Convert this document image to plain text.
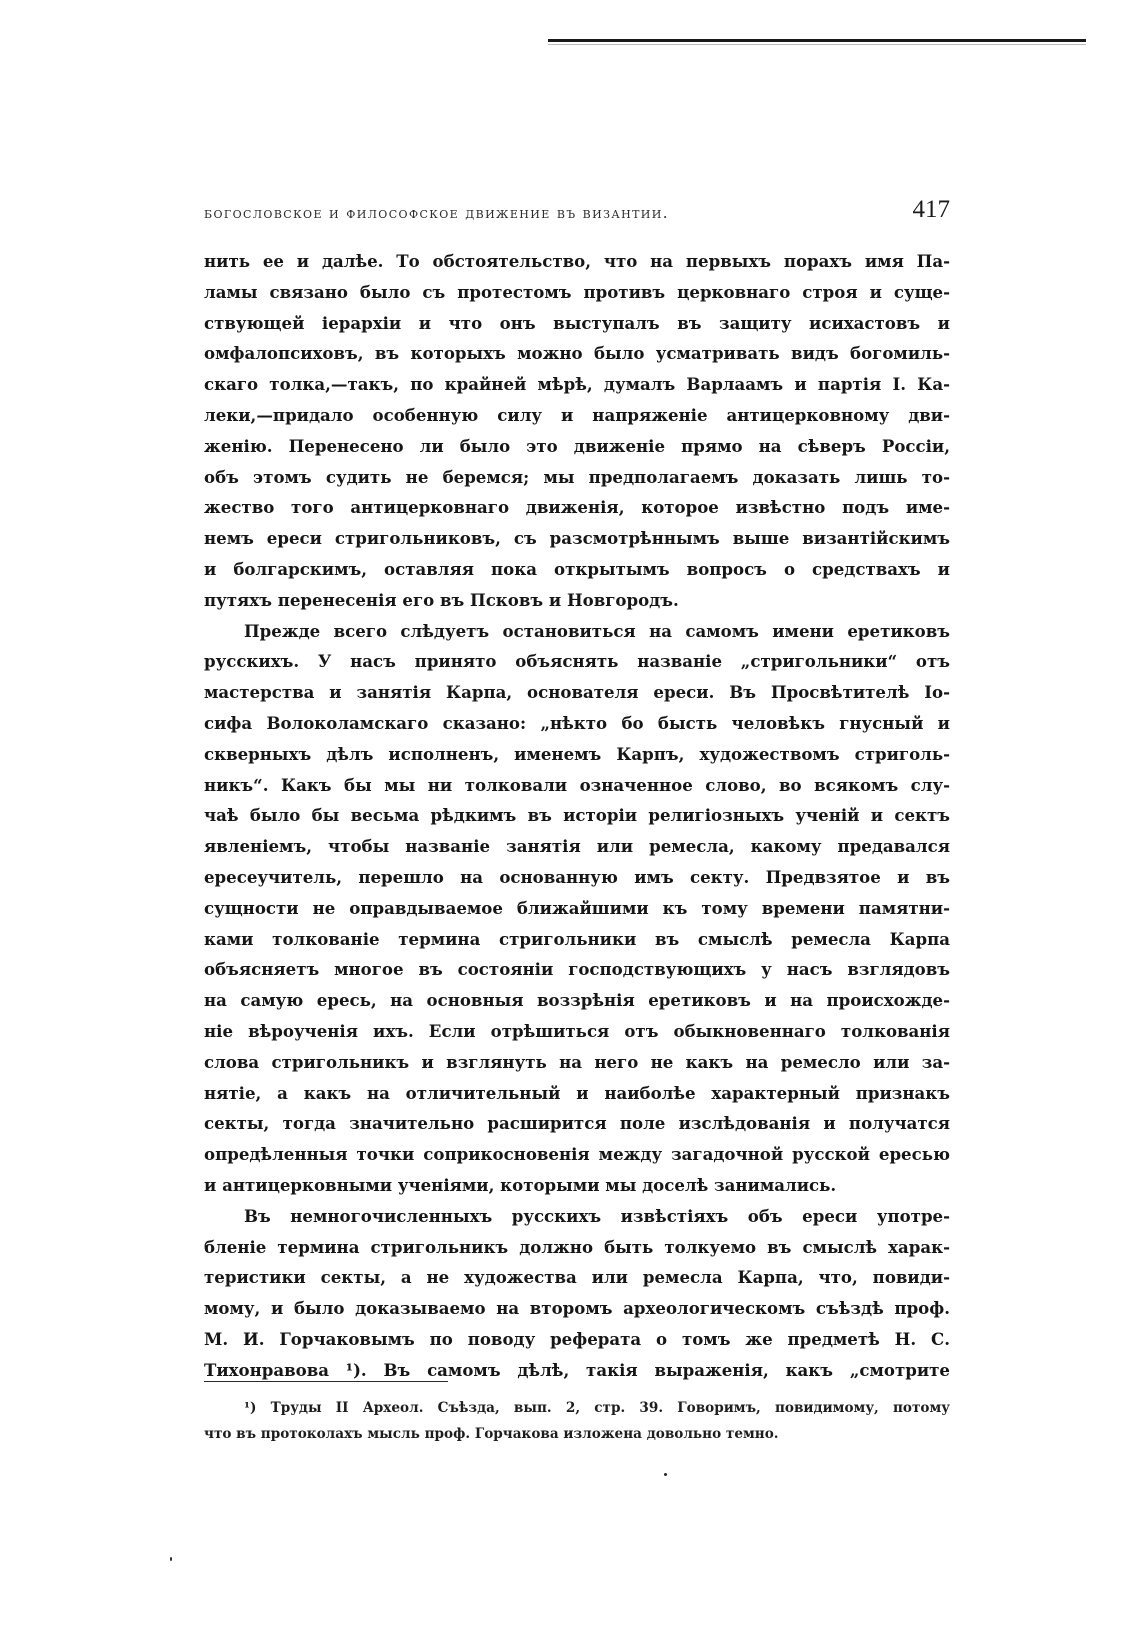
богословское и философское движение въ византии.	417
нить ее и далѣе. То обстоятельство, что на первыхъ порахъ имя Па-
ламы связано было съ протестомъ противъ церковнаго строя и суще-
ствующей іерархіи и что онъ выступалъ въ защиту исихастовъ и
омфалопсиховъ, въ которыхъ можно было усматривать видъ богомиль-
скаго толка,—такъ, по крайней мѣрѣ, думалъ Варлаамъ и партія І. Ка-
леки,—придало особенную силу и напряженіе антицерковному дви-
женію. Перенесено ли было это движеніе прямо на сѣверъ Россіи,
объ этомъ судить не беремся; мы предполагаемъ доказать лишь то-
жество того антицерковнаго движенія, которое извѣстно подъ име-
немъ ереси стригольниковъ, съ разсмотрѣннымъ выше византійскимъ
и болгарскимъ, оставляя пока открытымъ вопросъ о средствахъ и
путяхъ перенесенія его въ Псковъ и Новгородъ.
Прежде всего слѣдуетъ остановиться на самомъ имени еретиковъ
русскихъ. У насъ принято объяснять названіе „стригольники“ отъ
мастерства и занятія Карпа, основателя ереси. Въ Просвѣтителѣ Іо-
сифа Волоколамскаго сказано: „нѣкто бо бысть человѣкъ гнусный и
скверныхъ дѣлъ исполненъ, именемъ Карпъ, художествомъ стриголь-
никъ“. Какъ бы мы ни толковали означенное слово, во всякомъ слу-
чаѣ было бы весьма рѣдкимъ въ исторіи религіозныхъ ученій и сектъ
явленіемъ, чтобы названіе занятія или ремесла, какому предавался
ересеучитель, перешло на основанную имъ секту. Предвзятое и въ
сущности не оправдываемое ближайшими къ тому времени памятни-
ками толкованіе термина стригольники въ смыслѣ ремесла Карпа
объясняетъ многое въ состояніи господствующихъ у насъ взглядовъ
на самую ересь, на основныя воззрѣнія еретиковъ и на происхожде-
ніе вѣроученія ихъ. Если отрѣшиться отъ обыкновеннаго толкованія
слова стригольникъ и взглянуть на него не какъ на ремесло или за-
нятіе, а какъ на отличительный и наиболѣе характерный признакъ
секты, тогда значительно расширится поле изслѣдованія и получатся
опредѣленныя точки соприкосновенія между загадочной русской ересью
и антицерковными ученіями, которыми мы доселѣ занимались.
Въ немногочисленныхъ русскихъ извѣстіяхъ объ ереси употре-
бленіе термина стригольникъ должно быть толкуемо въ смыслѣ харак-
теристики секты, а не художества или ремесла Карпа, что, повиди-
мому, и было доказываемо на второмъ археологическомъ съѣздѣ проф.
М. И. Горчаковымъ по поводу реферата о томъ же предметѣ Н. С.
Тихонравова ¹). Въ самомъ дѣлѣ, такія выраженія, какъ „смотрите
¹) Труды II Археол. Съѣзда, вып. 2, стр. 39. Говоримъ, повидимому, потому
что въ протоколахъ мысль проф. Горчакова изложена довольно темно.
